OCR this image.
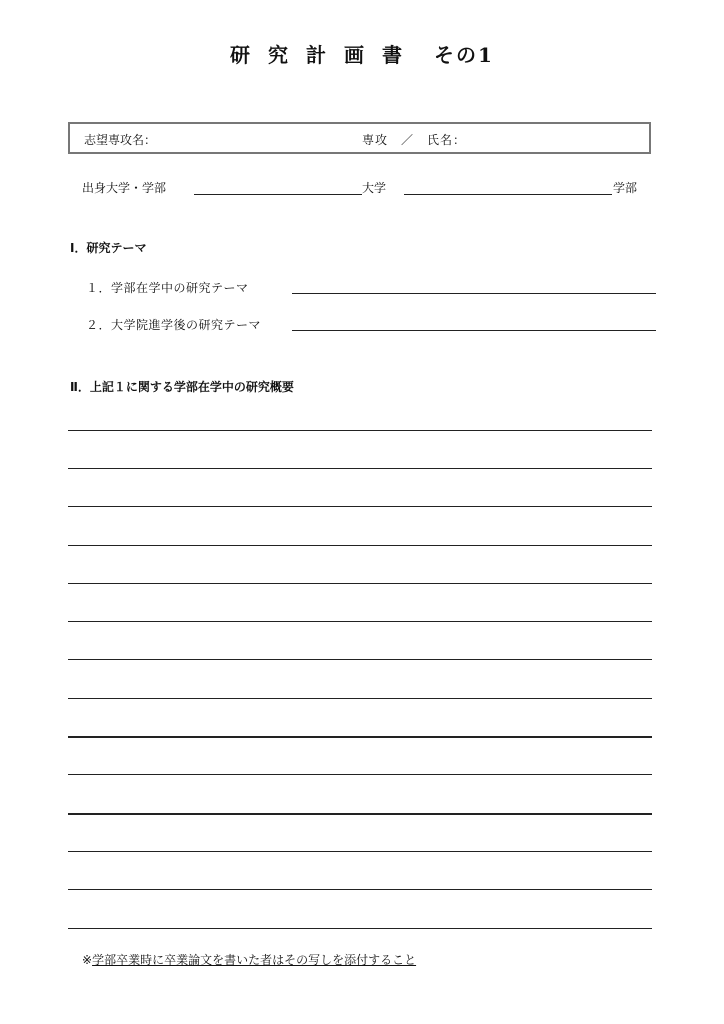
研究計画書 その1
志望専攻名：	専攻　／　氏名：
出身大学・学部	大学	学部
Ⅰ．研究テーマ
１．学部在学中の研究テーマ
２．大学院進学後の研究テーマ
Ⅱ．上記１に関する学部在学中の研究概要
※学部卒業時に卒業論文を書いた者はその写しを添付すること
